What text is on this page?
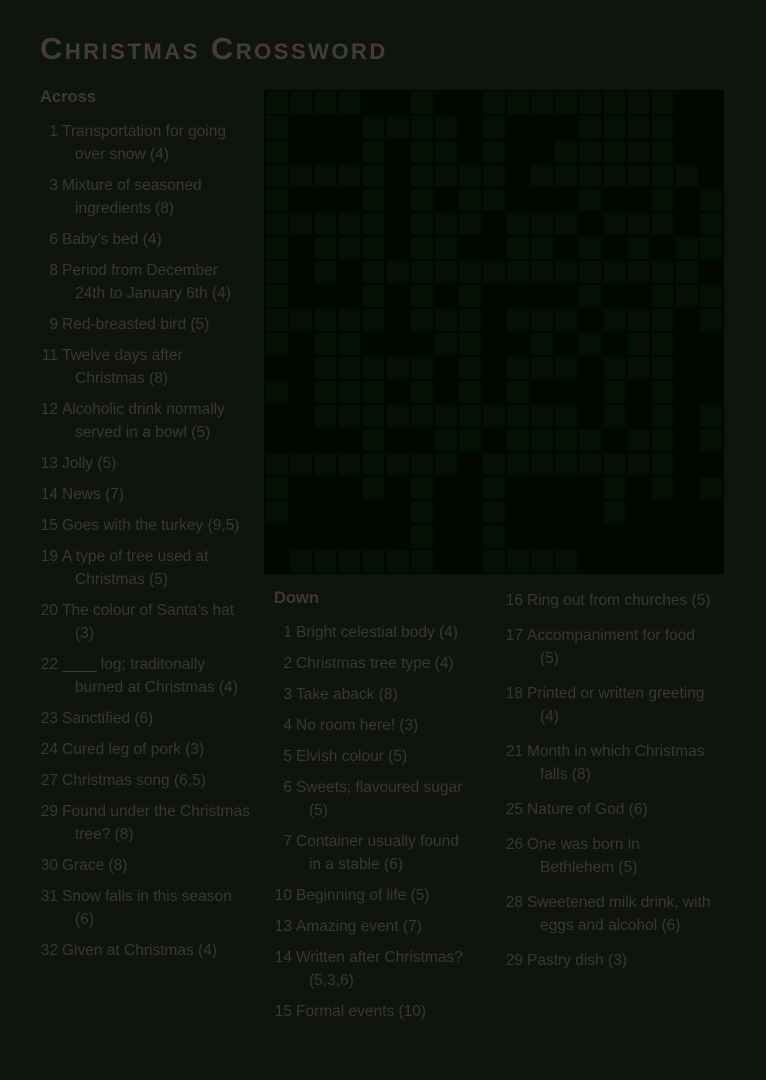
Christmas Crossword
Across
1 Transportation for going over snow (4)
3 Mixture of seasoned ingredients (8)
6 Baby’s bed (4)
8 Period from December 24th to January 6th (4)
9 Red-breasted bird (5)
11 Twelve days after Christmas (8)
12 Alcoholic drink normally served in a bowl (5)
13 Jolly (5)
14 News (7)
15 Goes with the turkey (9,5)
19 A type of tree used at Christmas (5)
20 The colour of Santa’s hat (3)
22 ____ log; traditonally burned at Christmas (4)
23 Sanctified (6)
24 Cured leg of pork (3)
27 Christmas song (6,5)
29 Found under the Christmas tree? (8)
30 Grace (8)
31 Snow falls in this season (6)
32 Given at Christmas (4)
Down
1 Bright celestial body (4)
2 Christmas tree type (4)
3 Take aback (8)
4 No room here! (3)
5 Elvish colour (5)
6 Sweets; flavoured sugar (5)
7 Container usually found in a stable (6)
10 Beginning of life (5)
13 Amazing event (7)
14 Written after Christmas? (5,3,6)
15 Formal events (10)
16 Ring out from churches (5)
17 Accompaniment for food (5)
18 Printed or written greeting (4)
21 Month in which Christmas falls (8)
25 Nature of God (6)
26 One was born in Bethlehem (5)
28 Sweetened milk drink, with eggs and alcohol (6)
29 Pastry dish (3)
